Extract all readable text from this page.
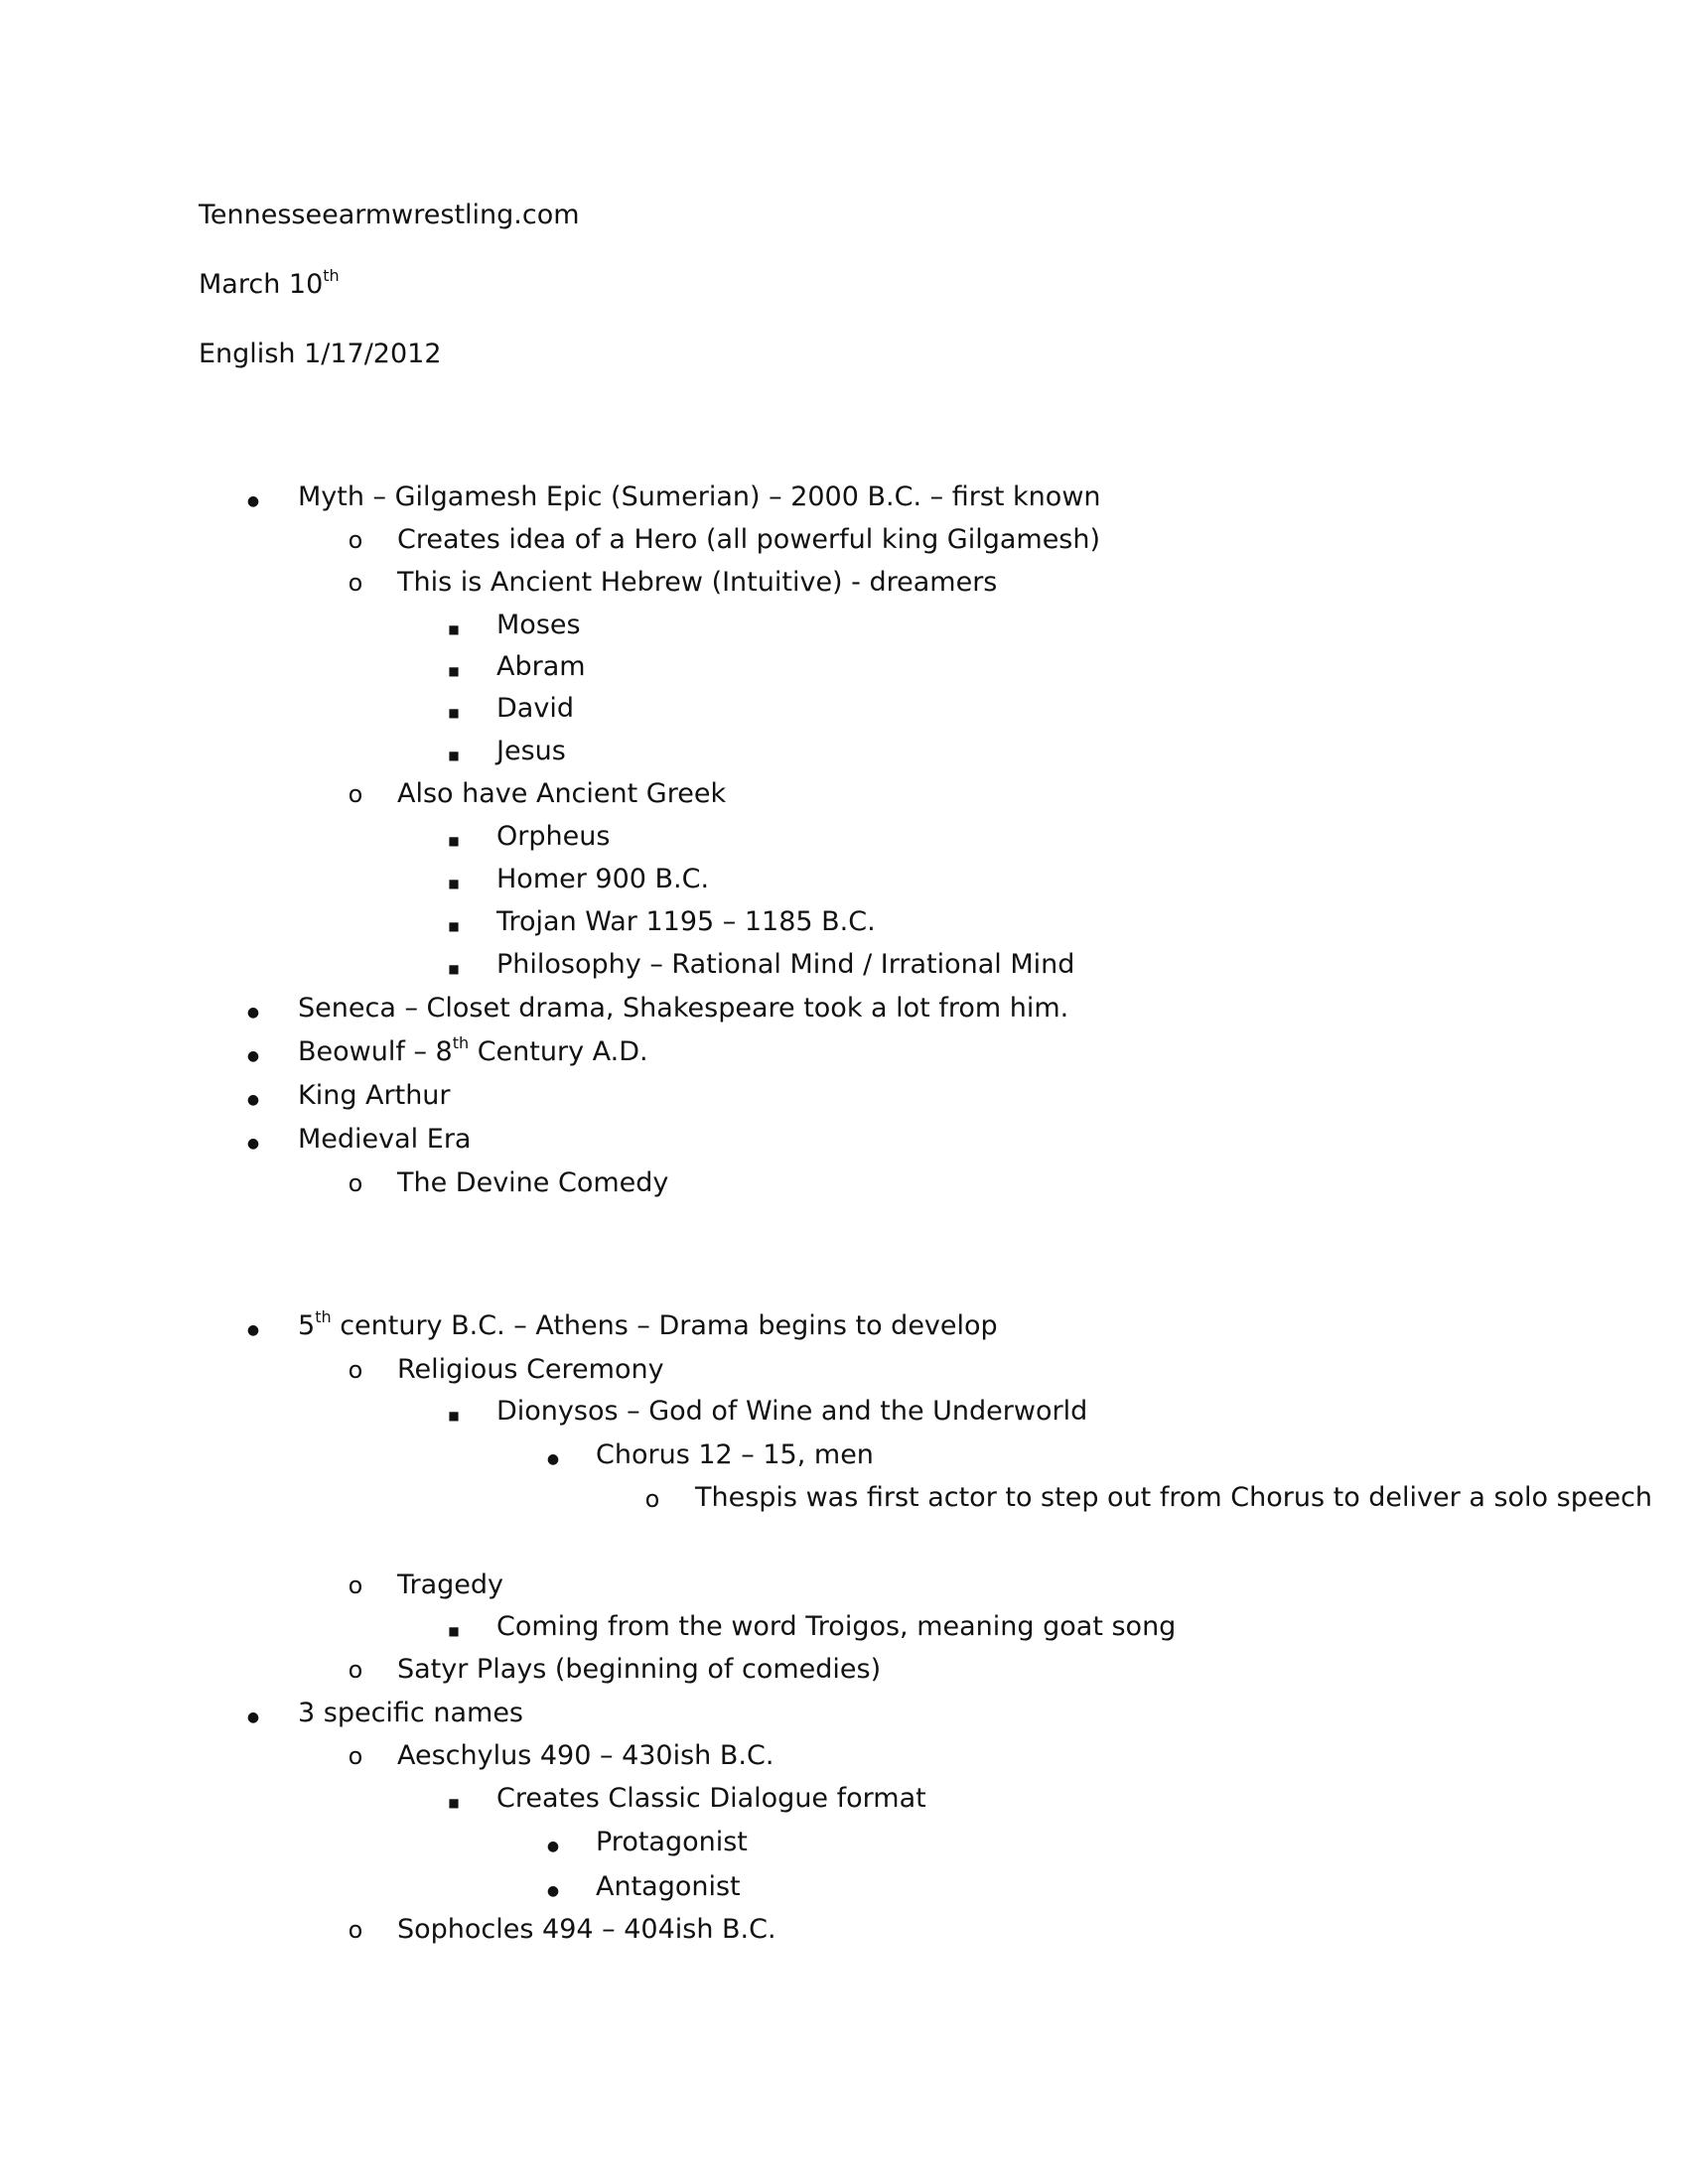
Tennesseearmwrestling.com
March 10th
English 1/17/2012
●
Myth – Gilgamesh Epic (Sumerian) – 2000 B.C. – first known
o
Creates idea of a Hero (all powerful king Gilgamesh)
o
This is Ancient Hebrew (Intuitive) - dreamers
■
Moses
■
Abram
■
David
■
Jesus
o
Also have Ancient Greek
■
Orpheus
■
Homer 900 B.C.
■
Trojan War 1195 – 1185 B.C.
■
Philosophy – Rational Mind / Irrational Mind
●
Seneca – Closet drama, Shakespeare took a lot from him.
●
Beowulf – 8th Century A.D.
●
King Arthur
●
Medieval Era
o
The Devine Comedy
●
5th century B.C. – Athens – Drama begins to develop
o
Religious Ceremony
■
Dionysos – God of Wine and the Underworld
●
Chorus 12 – 15, men
o
Thespis was first actor to step out from Chorus to deliver a solo speech
o
Tragedy
■
Coming from the word Troigos, meaning goat song
o
Satyr Plays (beginning of comedies)
●
3 specific names
o
Aeschylus 490 – 430ish B.C.
■
Creates Classic Dialogue format
●
Protagonist
●
Antagonist
o
Sophocles 494 – 404ish B.C.
